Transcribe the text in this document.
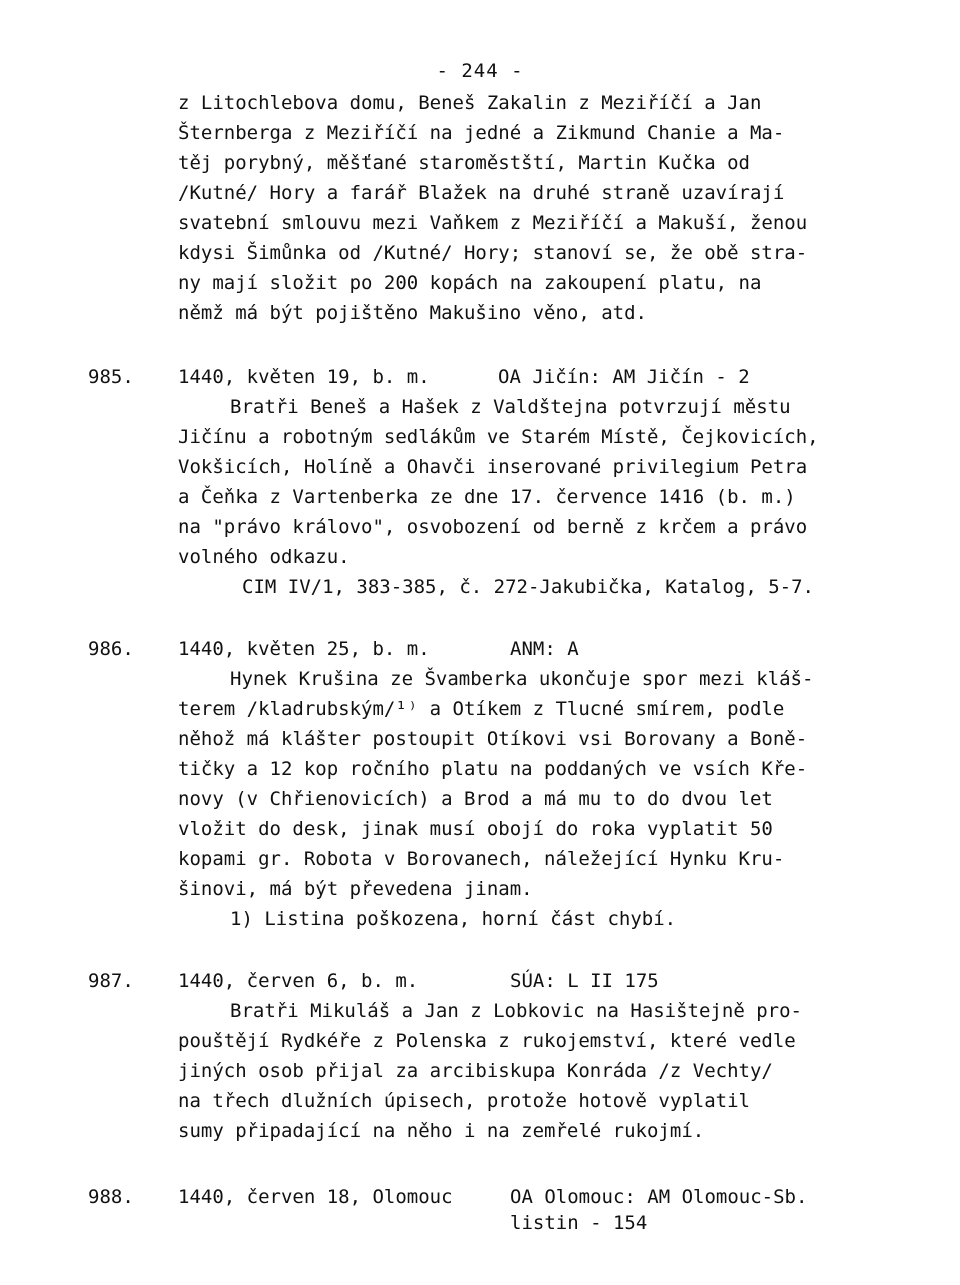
- 244 -
z Litochlebova domu, Beneš Zakalin z Meziříčí a Jan
Šternberga z Meziříčí na jedné a Zikmund Chanie a Ma-
těj porybný, měšťané staroměstští, Martin Kučka od
/Kutné/ Hory a farář Blažek na druhé straně uzavírají
svatební smlouvu mezi Vaňkem z Meziříčí a Makuší, ženou
kdysi Šimůnka od /Kutné/ Hory; stanoví se, že obě stra-
ny mají složit po 200 kopách na zakoupení platu, na
němž má být pojištěno Makušino věno, atd.
985. 1440, květen 19, b. m.	OA Jičín: AM Jičín - 2
Bratři Beneš a Hašek z Valdštejna potvrzují městu
Jičínu a robotným sedlákům ve Starém Místě, Čejkovicích,
Vokšicích, Holíně a Ohavči inserované privilegium Petra
a Čeňka z Vartenberka ze dne 17. července 1416 (b. m.)
na "právo královo", osvobození od berně z krčem a právo
volného odkazu.
CIM IV/1, 383-385, č. 272-Jakubička, Katalog, 5-7.
986. 1440, květen 25, b. m.	ANM: A
Hynek Krušina ze Švamberka ukončuje spor mezi kláš-
terem /kladrubským/¹⁾ a Otíkem z Tlucné smírem, podle
něhož má klášter postoupit Otíkovi vsi Borovany a Boně-
tičky a 12 kop ročního platu na poddaných ve vsích Kře-
novy (v Chřienovicích) a Brod a má mu to do dvou let
vložit do desk, jinak musí obojí do roka vyplatit 50
kopami gr. Robota v Borovanech, náležející Hynku Kru-
šinovi, má být převedena jinam.
1) Listina poškozena, horní část chybí.
987. 1440, červen 6, b. m.	SÚA: L II 175
Bratři Mikuláš a Jan z Lobkovic na Hasištejně pro-
pouštějí Rydkéře z Polenska z rukojemství, které vedle
jiných osob přijal za arcibiskupa Konráda /z Vechty/
na třech dlužních úpisech, protože hotově vyplatil
sumy připadající na něho i na zemřelé rukojmí.
988. 1440, červen 18, Olomouc	OA Olomouc: AM Olomouc-Sb.
listin - 154
